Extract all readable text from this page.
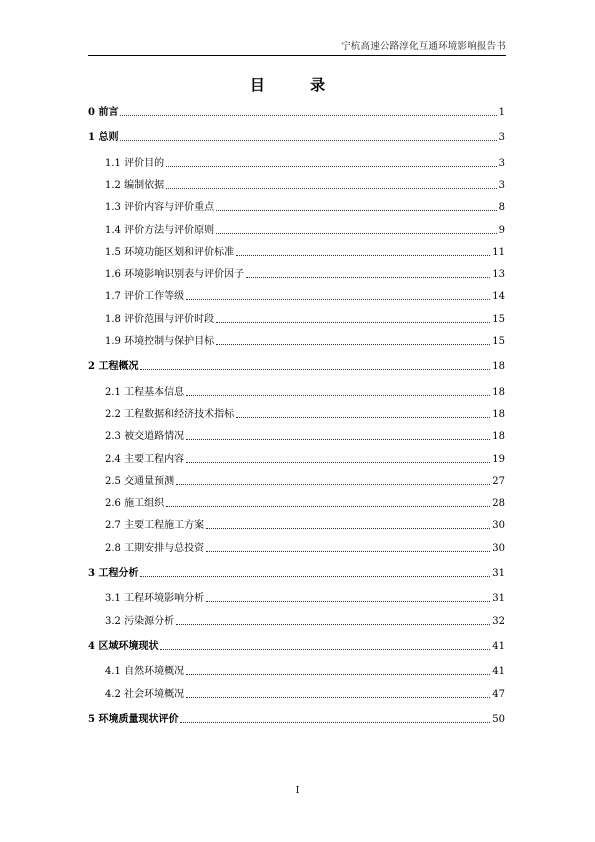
宁杭高速公路淳化互通环境影响报告书
目 录
0 前言	1
1 总则	3
1.1 评价目的	3
1.2 编制依据	3
1.3 评价内容与评价重点	8
1.4 评价方法与评价原则	9
1.5 环境功能区划和评价标准	11
1.6 环境影响识别表与评价因子	13
1.7 评价工作等级	14
1.8 评价范围与评价时段	15
1.9 环境控制与保护目标	15
2 工程概况	18
2.1 工程基本信息	18
2.2 工程数据和经济技术指标	18
2.3 被交道路情况	18
2.4 主要工程内容	19
2.5 交通量预测	27
2.6 施工组织	28
2.7 主要工程施工方案	30
2.8 工期安排与总投资	30
3 工程分析	31
3.1 工程环境影响分析	31
3.2 污染源分析	32
4 区域环境现状	41
4.1 自然环境概况	41
4.2 社会环境概况	47
5 环境质量现状评价	50
I
